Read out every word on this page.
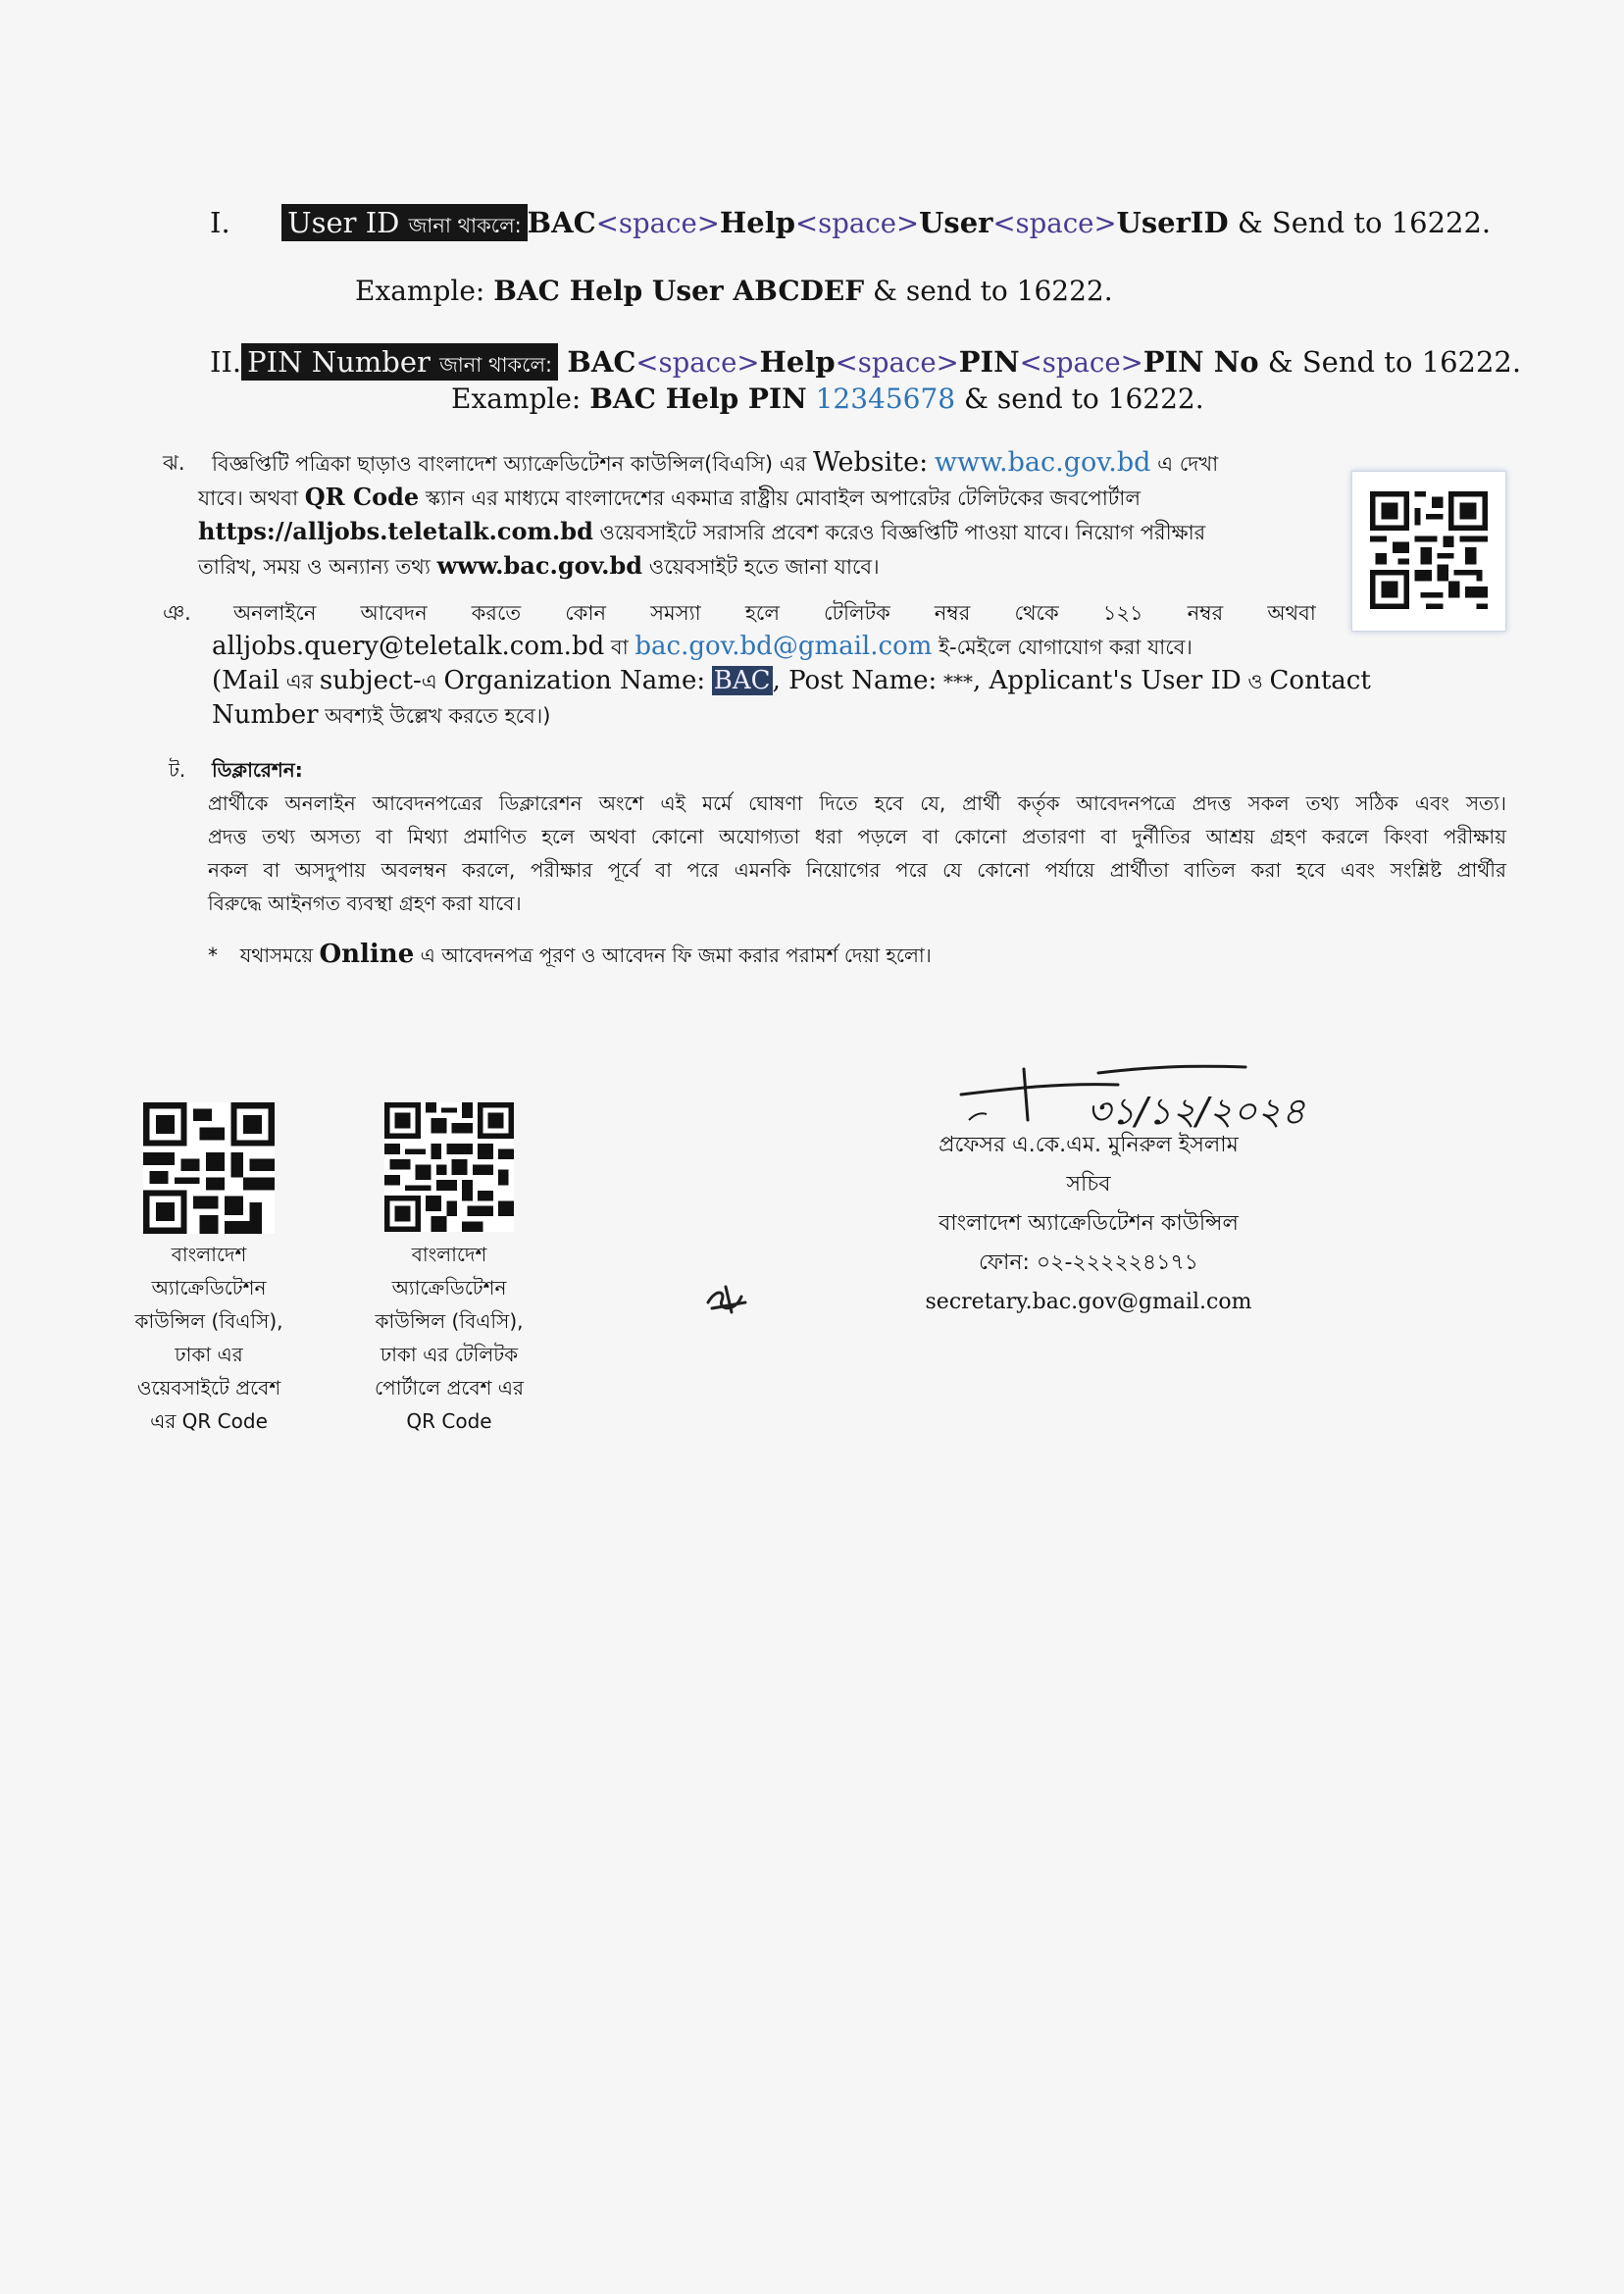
I. User ID জানা থাকলে: BAC<space>Help<space>User<space>UserID & Send to 16222.
Example: BAC Help User ABCDEF & send to 16222.
II. PIN Number জানা থাকলে: BAC<space>Help<space>PIN<space>PIN No & Send to 16222.
Example: BAC Help PIN 12345678 & send to 16222.
ঝ. বিজ্ঞপ্তিটি পত্রিকা ছাড়াও বাংলাদেশ অ্যাক্রেডিটেশন কাউন্সিল(বিএসি) এর Website: www.bac.gov.bd এ দেখা
যাবে। অথবা QR Code স্ক্যান এর মাধ্যমে বাংলাদেশের একমাত্র রাষ্ট্রীয় মোবাইল অপারেটর টেলিটকের জবপোর্টাল
https://alljobs.teletalk.com.bd ওয়েবসাইটে সরাসরি প্রবেশ করেও বিজ্ঞপ্তিটি পাওয়া যাবে। নিয়োগ পরীক্ষার
তারিখ, সময় ও অন্যান্য তথ্য www.bac.gov.bd ওয়েবসাইট হতে জানা যাবে।
ঞ. অনলাইনে আবেদন করতে কোন সমস্যা হলে টেলিটক নম্বর থেকে ১২১ নম্বর অথবা
alljobs.query@teletalk.com.bd বা bac.gov.bd@gmail.com ই-মেইলে যোগাযোগ করা যাবে।
(Mail এর subject-এ Organization Name: BAC, Post Name: ***, Applicant's User ID ও Contact
Number অবশ্যই উল্লেখ করতে হবে।)
ট. ডিক্লারেশন:
প্রার্থীকে অনলাইন আবেদনপত্রের ডিক্লারেশন অংশে এই মর্মে ঘোষণা দিতে হবে যে, প্রার্থী কর্তৃক আবেদনপত্রে প্রদত্ত সকল তথ্য সঠিক এবং সত্য।
প্রদত্ত তথ্য অসত্য বা মিথ্যা প্রমাণিত হলে অথবা কোনো অযোগ্যতা ধরা পড়লে বা কোনো প্রতারণা বা দুর্নীতির আশ্রয় গ্রহণ করলে কিংবা পরীক্ষায়
নকল বা অসদুপায় অবলম্বন করলে, পরীক্ষার পূর্বে বা পরে এমনকি নিয়োগের পরে যে কোনো পর্যায়ে প্রার্থীতা বাতিল করা হবে এবং সংশ্লিষ্ট প্রার্থীর
বিরুদ্ধে আইনগত ব্যবস্থা গ্রহণ করা যাবে।
* যথাসময়ে Online এ আবেদনপত্র পূরণ ও আবেদন ফি জমা করার পরামর্শ দেয়া হলো।
বাংলাদেশ
অ্যাক্রেডিটেশন
কাউন্সিল (বিএসি),
ঢাকা এর
ওয়েবসাইটে প্রবেশ
এর QR Code
বাংলাদেশ
অ্যাক্রেডিটেশন
কাউন্সিল (বিএসি),
ঢাকা এর টেলিটক
পোর্টালে প্রবেশ এর
QR Code
৩১/১২/২০২৪
প্রফেসর এ.কে.এম. মুনিরুল ইসলাম
সচিব
বাংলাদেশ অ্যাক্রেডিটেশন কাউন্সিল
ফোন: ০২-২২২২২৪১৭১
secretary.bac.gov@gmail.com
